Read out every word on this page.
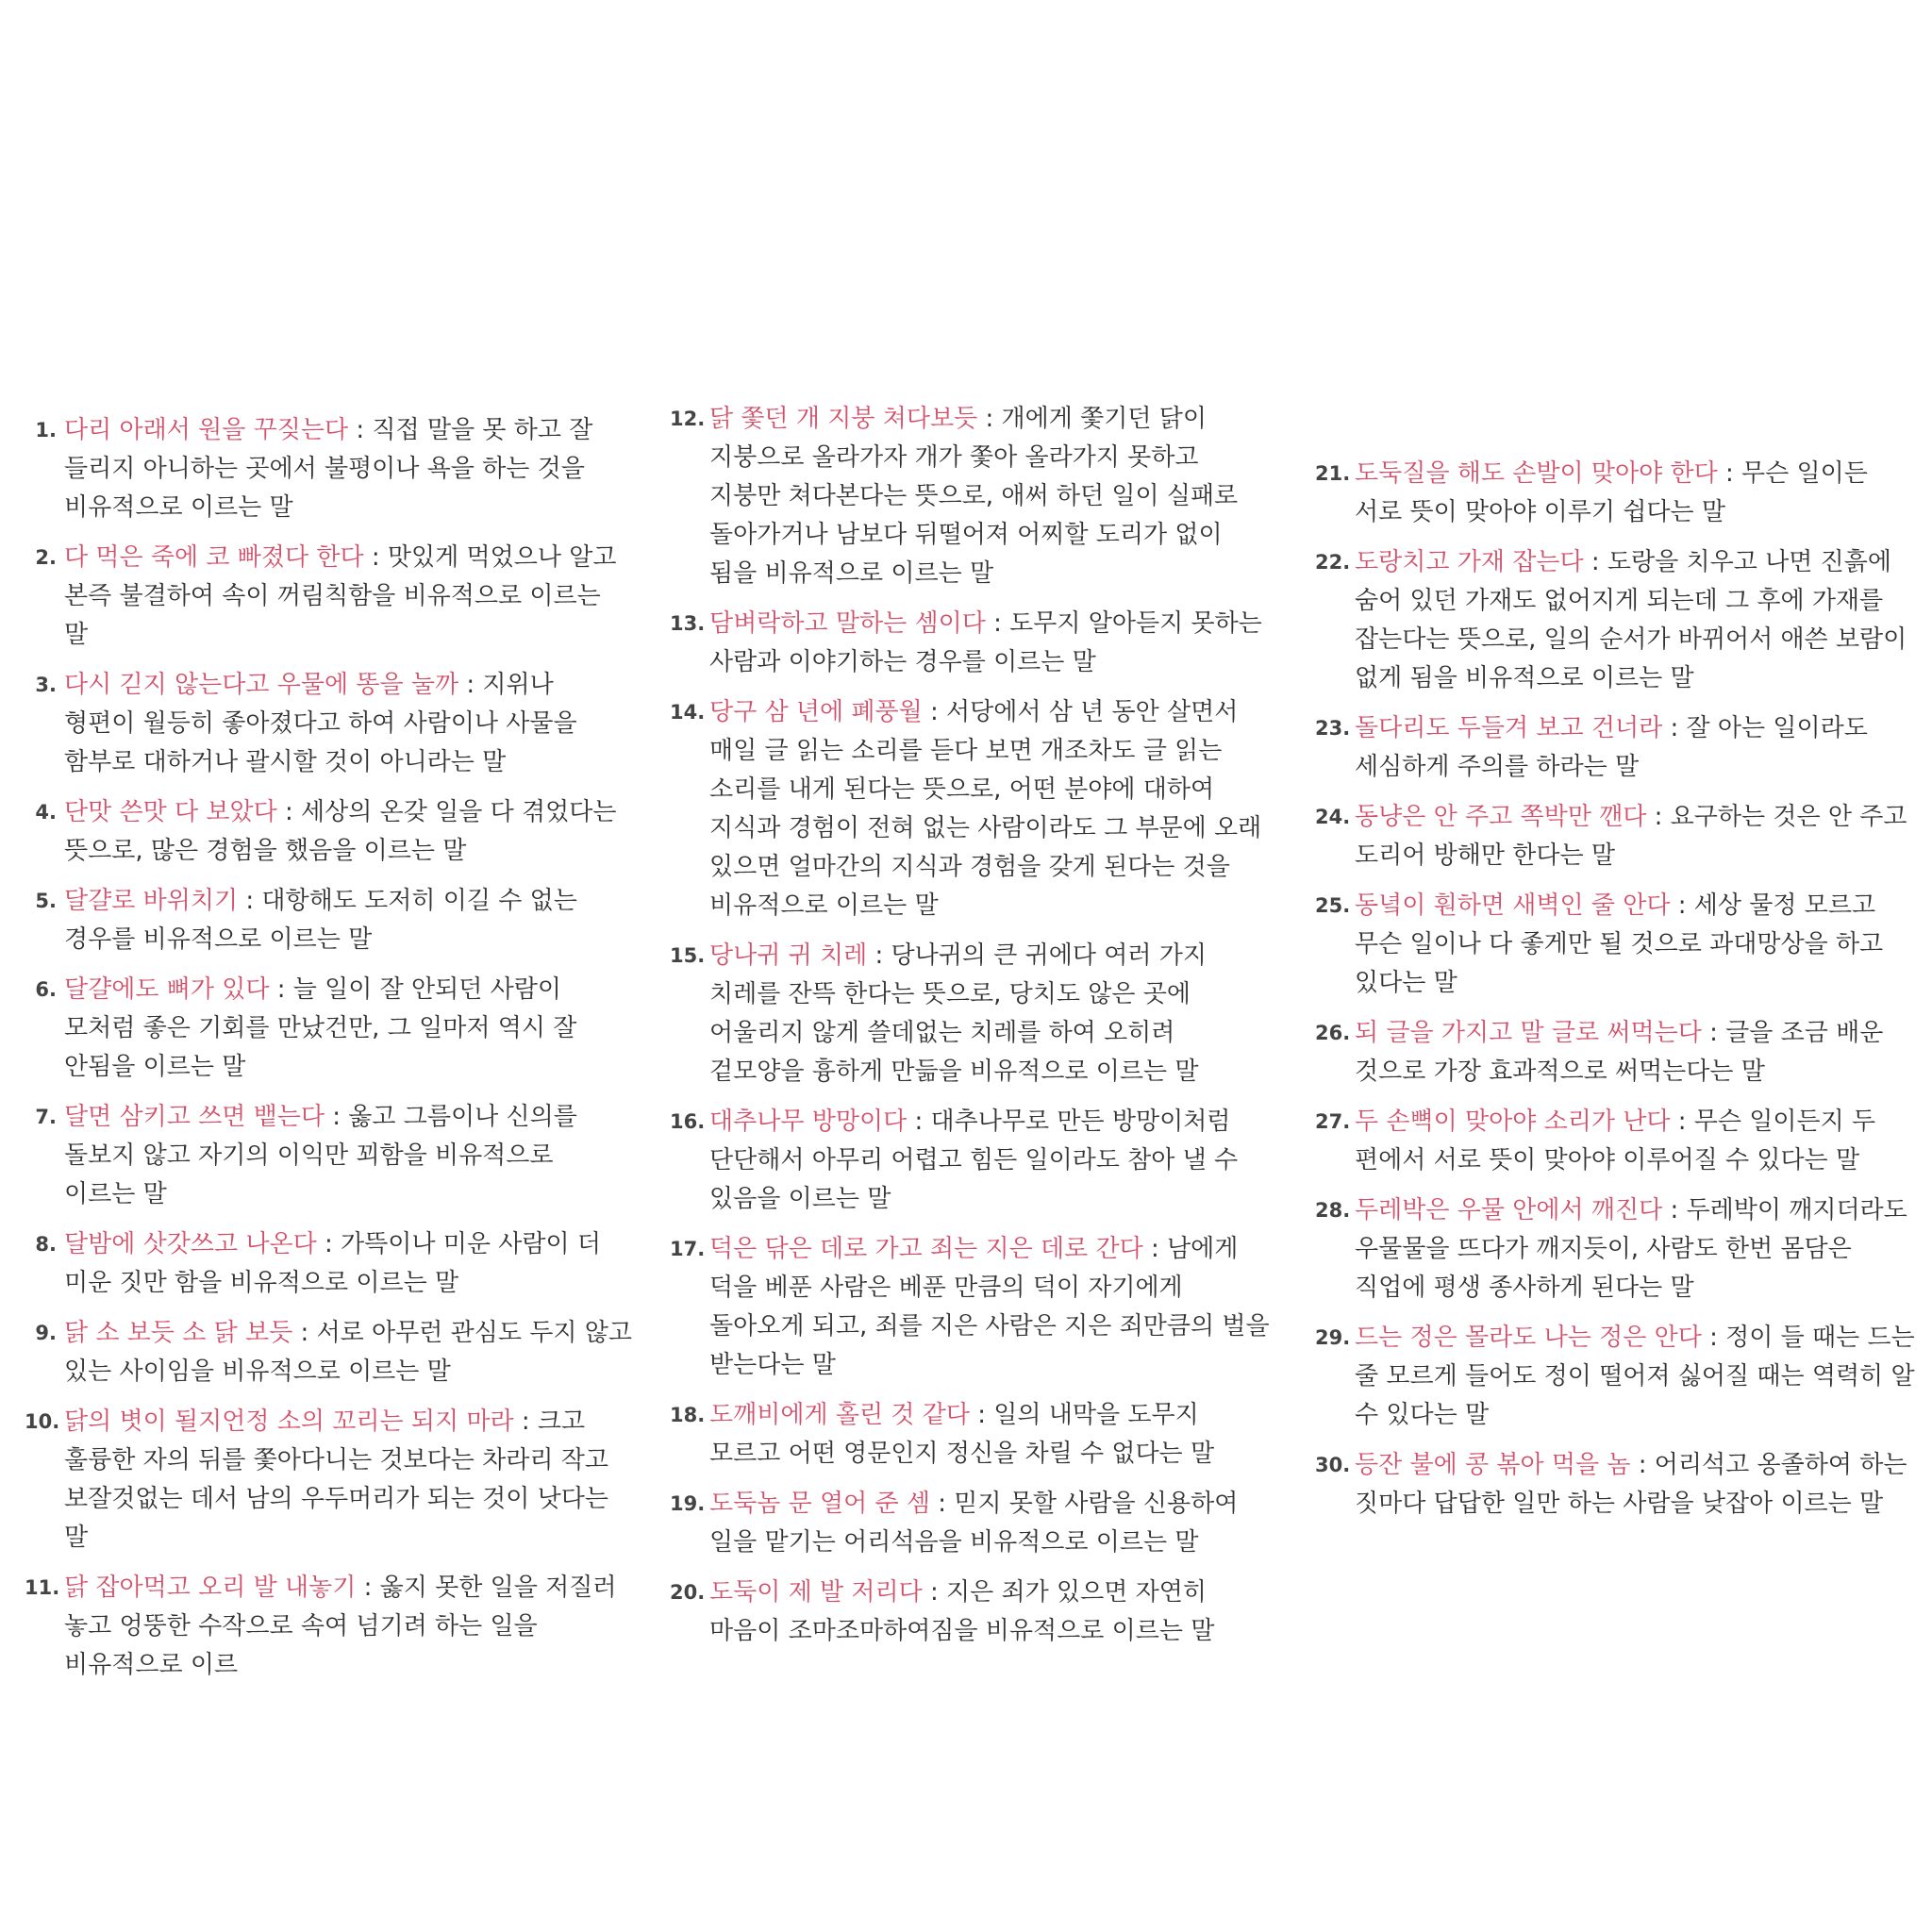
1. 다리 아래서 원을 꾸짖는다 : 직접 말을 못 하고 잘 들리지 아니하는 곳에서 불평이나 욕을 하는 것을 비유적으로 이르는 말
2. 다 먹은 죽에 코 빠졌다 한다 : 맛있게 먹었으나 알고 본즉 불결하여 속이 꺼림칙함을 비유적으로 이르는 말
3. 다시 긷지 않는다고 우물에 똥을 눌까 : 지위나 형편이 월등히 좋아졌다고 하여 사람이나 사물을 함부로 대하거나 괄시할 것이 아니라는 말
4. 단맛 쓴맛 다 보았다 : 세상의 온갖 일을 다 겪었다는 뜻으로, 많은 경험을 했음을 이르는 말
5. 달걀로 바위치기 : 대항해도 도저히 이길 수 없는 경우를 비유적으로 이르는 말
6. 달걀에도 뼈가 있다 : 늘 일이 잘 안되던 사람이 모처럼 좋은 기회를 만났건만, 그 일마저 역시 잘 안됨을 이르는 말
7. 달면 삼키고 쓰면 뱉는다 : 옳고 그름이나 신의를 돌보지 않고 자기의 이익만 꾀함을 비유적으로 이르는 말
8. 달밤에 삿갓쓰고 나온다 : 가뜩이나 미운 사람이 더 미운 짓만 함을 비유적으로 이르는 말
9. 닭 소 보듯 소 닭 보듯 : 서로 아무런 관심도 두지 않고 있는 사이임을 비유적으로 이르는 말
10. 닭의 볏이 될지언정 소의 꼬리는 되지 마라 : 크고 훌륭한 자의 뒤를 쫓아다니는 것보다는 차라리 작고 보잘것없는 데서 남의 우두머리가 되는 것이 낫다는 말
11. 닭 잡아먹고 오리 발 내놓기 : 옳지 못한 일을 저질러 놓고 엉뚱한 수작으로 속여 넘기려 하는 일을 비유적으로 이르
12. 닭 쫓던 개 지붕 쳐다보듯 : 개에게 쫓기던 닭이 지붕으로 올라가자 개가 쫓아 올라가지 못하고 지붕만 쳐다본다는 뜻으로, 애써 하던 일이 실패로 돌아가거나 남보다 뒤떨어져 어찌할 도리가 없이 됨을 비유적으로 이르는 말
13. 담벼락하고 말하는 셈이다 : 도무지 알아듣지 못하는 사람과 이야기하는 경우를 이르는 말
14. 당구 삼 년에 폐풍월 : 서당에서 삼 년 동안 살면서 매일 글 읽는 소리를 듣다 보면 개조차도 글 읽는 소리를 내게 된다는 뜻으로, 어떤 분야에 대하여 지식과 경험이 전혀 없는 사람이라도 그 부문에 오래 있으면 얼마간의 지식과 경험을 갖게 된다는 것을 비유적으로 이르는 말
15. 당나귀 귀 치레 : 당나귀의 큰 귀에다 여러 가지 치레를 잔뜩 한다는 뜻으로, 당치도 않은 곳에 어울리지 않게 쓸데없는 치레를 하여 오히려 겉모양을 흉하게 만듦을 비유적으로 이르는 말
16. 대추나무 방망이다 : 대추나무로 만든 방망이처럼 단단해서 아무리 어렵고 힘든 일이라도 참아 낼 수 있음을 이르는 말
17. 덕은 닦은 데로 가고 죄는 지은 데로 간다 : 남에게 덕을 베푼 사람은 베푼 만큼의 덕이 자기에게 돌아오게 되고, 죄를 지은 사람은 지은 죄만큼의 벌을 받는다는 말
18. 도깨비에게 홀린 것 같다 : 일의 내막을 도무지 모르고 어떤 영문인지 정신을 차릴 수 없다는 말
19. 도둑놈 문 열어 준 셈 : 믿지 못할 사람을 신용하여 일을 맡기는 어리석음을 비유적으로 이르는 말
20. 도둑이 제 발 저리다 : 지은 죄가 있으면 자연히 마음이 조마조마하여짐을 비유적으로 이르는 말
21. 도둑질을 해도 손발이 맞아야 한다 : 무슨 일이든 서로 뜻이 맞아야 이루기 쉽다는 말
22. 도랑치고 가재 잡는다 : 도랑을 치우고 나면 진흙에 숨어 있던 가재도 없어지게 되는데 그 후에 가재를 잡는다는 뜻으로, 일의 순서가 바뀌어서 애쓴 보람이 없게 됨을 비유적으로 이르는 말
23. 돌다리도 두들겨 보고 건너라 : 잘 아는 일이라도 세심하게 주의를 하라는 말
24. 동냥은 안 주고 쪽박만 깬다 : 요구하는 것은 안 주고 도리어 방해만 한다는 말
25. 동녘이 훤하면 새벽인 줄 안다 : 세상 물정 모르고 무슨 일이나 다 좋게만 될 것으로 과대망상을 하고 있다는 말
26. 되 글을 가지고 말 글로 써먹는다 : 글을 조금 배운 것으로 가장 효과적으로 써먹는다는 말
27. 두 손뼉이 맞아야 소리가 난다 : 무슨 일이든지 두 편에서 서로 뜻이 맞아야 이루어질 수 있다는 말
28. 두레박은 우물 안에서 깨진다 : 두레박이 깨지더라도 우물물을 뜨다가 깨지듯이, 사람도 한번 몸담은 직업에 평생 종사하게 된다는 말
29. 드는 정은 몰라도 나는 정은 안다 : 정이 들 때는 드는 줄 모르게 들어도 정이 떨어져 싫어질 때는 역력히 알 수 있다는 말
30. 등잔 불에 콩 볶아 먹을 놈 : 어리석고 옹졸하여 하는 짓마다 답답한 일만 하는 사람을 낮잡아 이르는 말
